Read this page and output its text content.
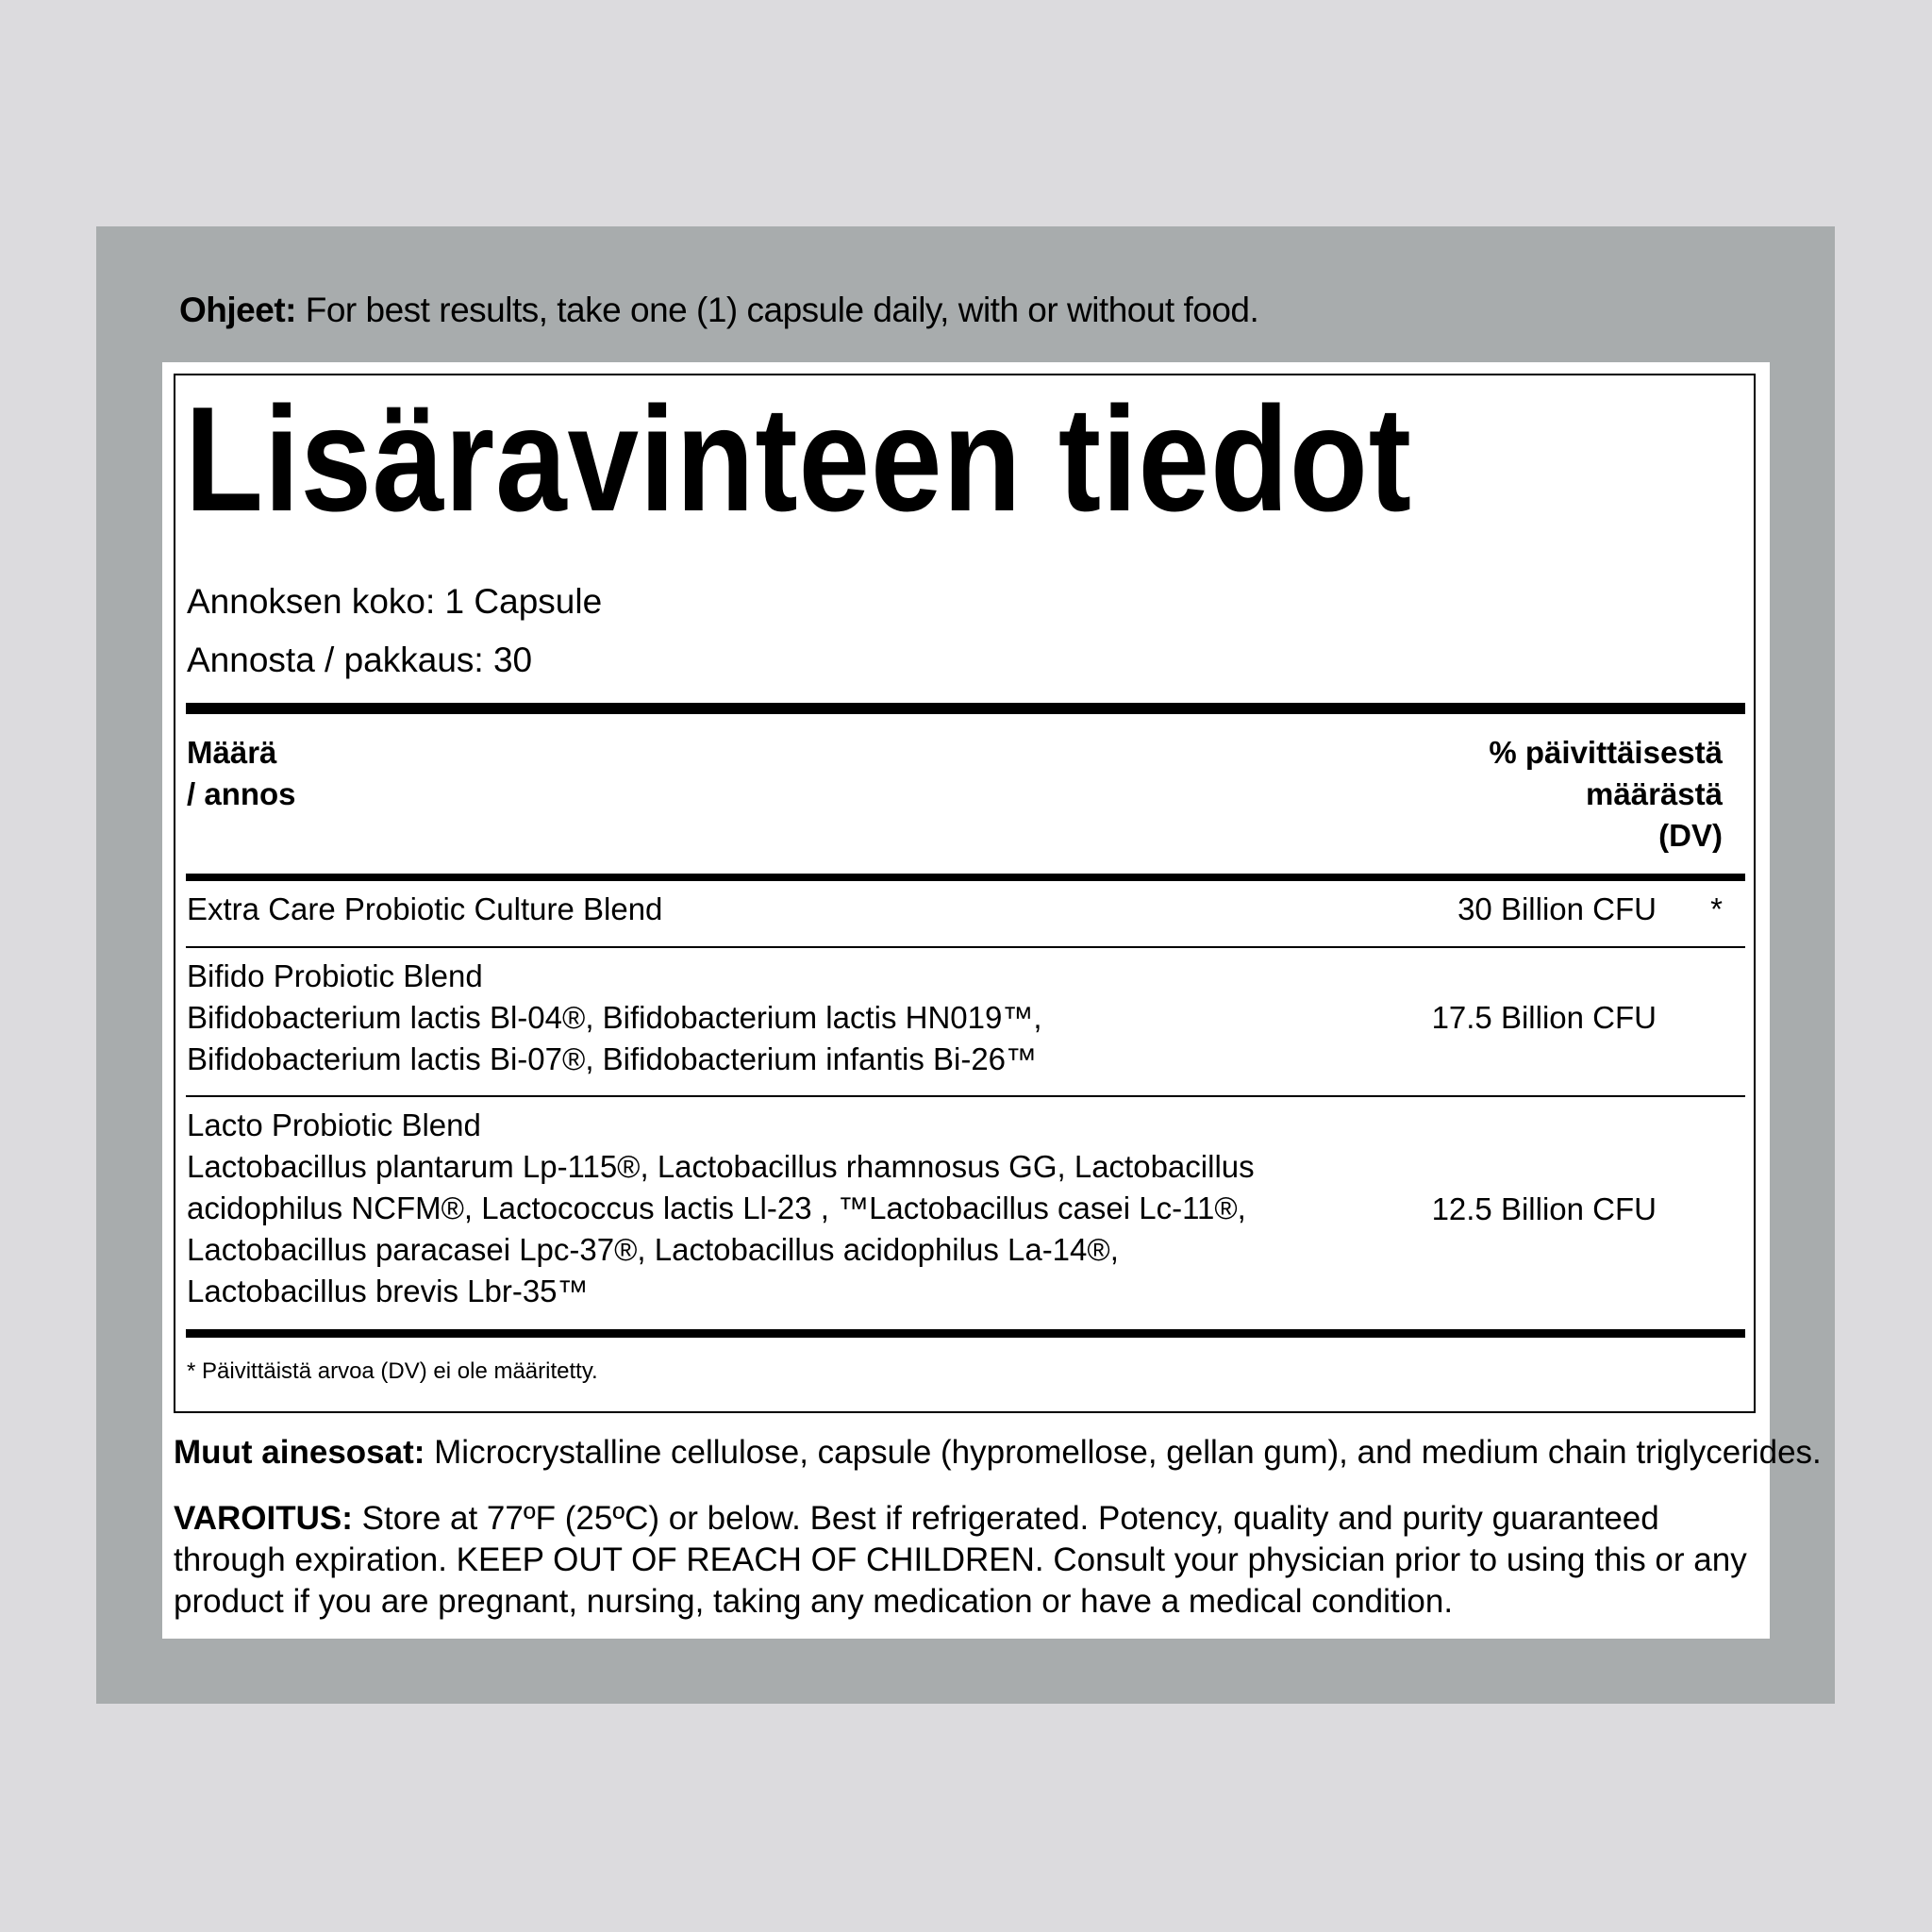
Ohjeet: For best results, take one (1) capsule daily, with or without food.
Lisäravinteen tiedot
Annoksen koko: 1 Capsule
Annosta / pakkaus: 30
Määrä
/ annos
% päivittäisestä
määrästä
(DV)
Extra Care Probiotic Culture Blend	30 Billion CFU *
Bifido Probiotic Blend
Bifidobacterium lactis Bl-04®, Bifidobacterium lactis HN019™,
Bifidobacterium lactis Bi-07®, Bifidobacterium infantis Bi-26™
17.5 Billion CFU
Lacto Probiotic Blend
Lactobacillus plantarum Lp-115®, Lactobacillus rhamnosus GG, Lactobacillus
acidophilus NCFM®, Lactococcus lactis Ll-23 , ™Lactobacillus casei Lc-11®,
Lactobacillus paracasei Lpc-37®, Lactobacillus acidophilus La-14®,
Lactobacillus brevis Lbr-35™
12.5 Billion CFU
* Päivittäistä arvoa (DV) ei ole määritetty.
Muut ainesosat: Microcrystalline cellulose, capsule (hypromellose, gellan gum), and medium chain triglycerides.
VAROITUS: Store at 77ºF (25ºC) or below. Best if refrigerated. Potency, quality and purity guaranteed through expiration. KEEP OUT OF REACH OF CHILDREN. Consult your physician prior to using this or any product if you are pregnant, nursing, taking any medication or have a medical condition.
